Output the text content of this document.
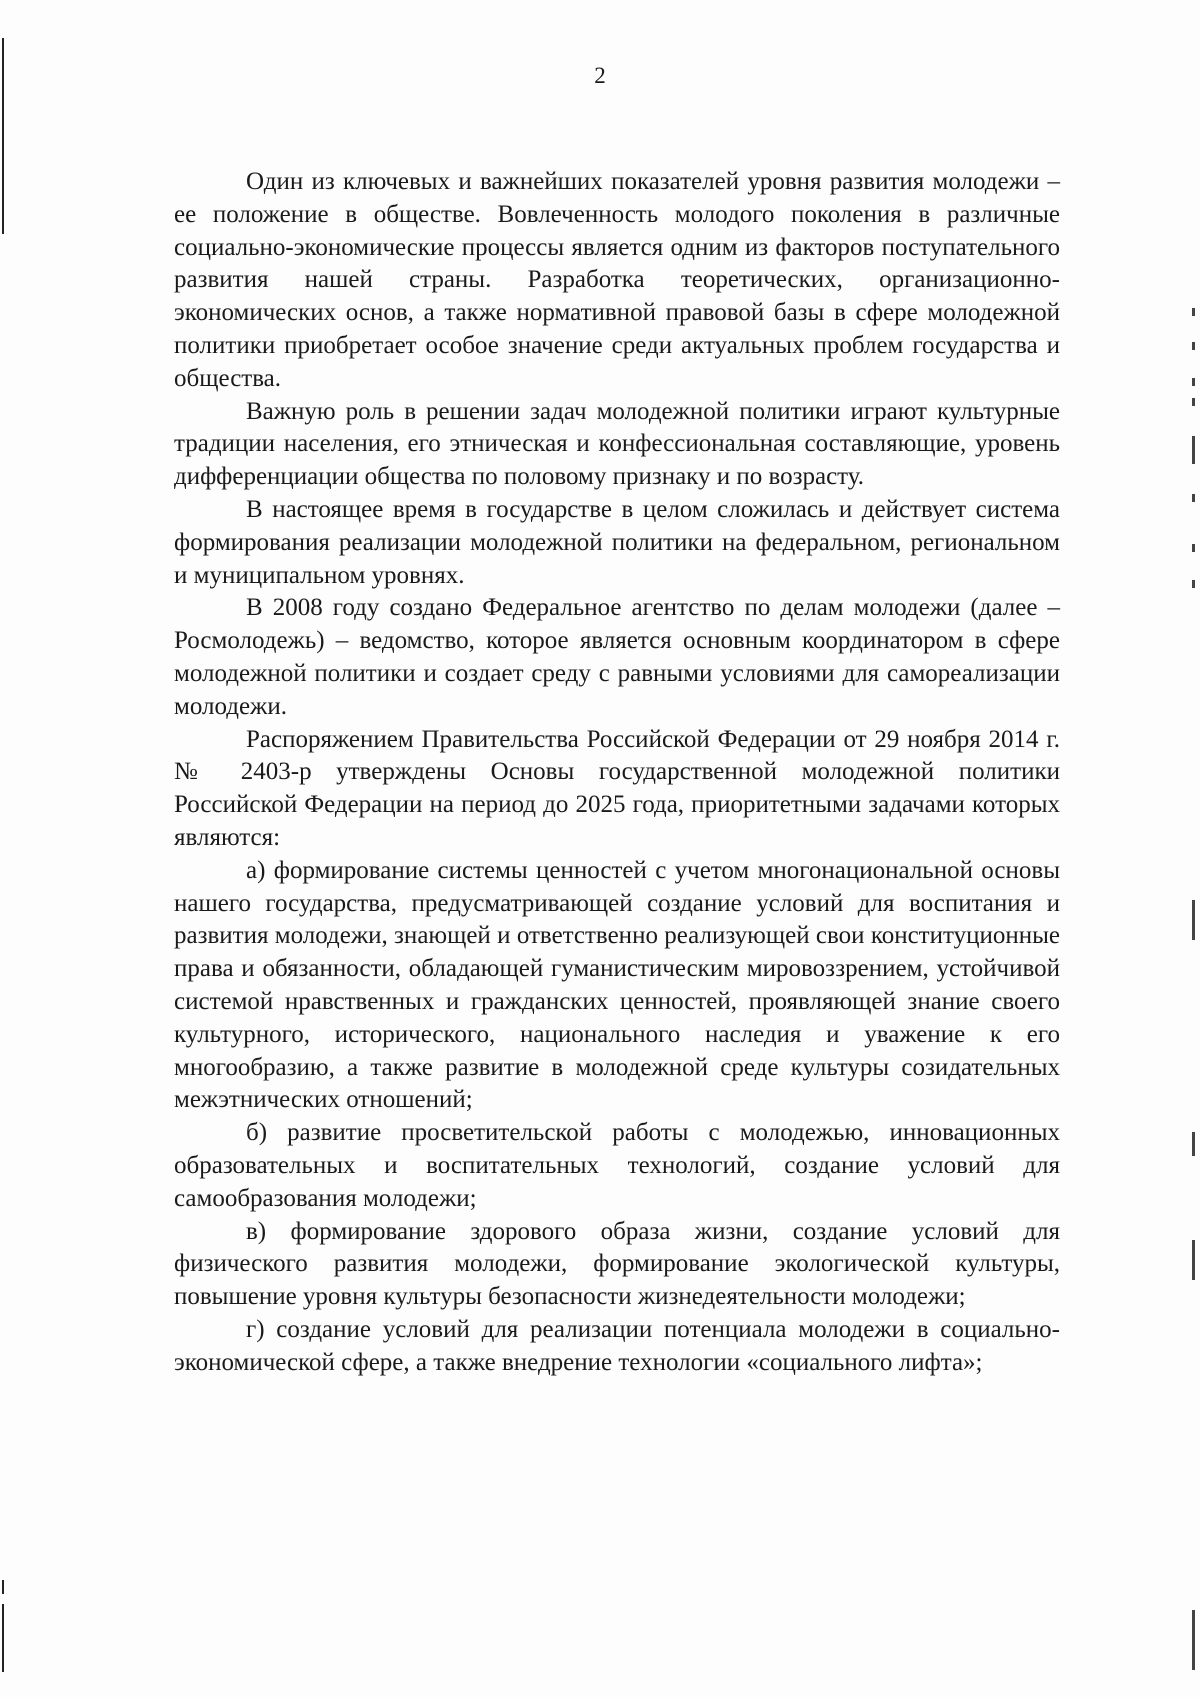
2

Один из ключевых и важнейших показателей уровня развития молодежи – ее положение в обществе. Вовлеченность молодого поколения в различные социально-экономические процессы является одним из факторов поступательного развития нашей страны. Разработка теоретических, организационно-экономических основ, а также нормативной правовой базы в сфере молодежной политики приобретает особое значение среди актуальных проблем государства и общества.

Важную роль в решении задач молодежной политики играют культурные традиции населения, его этническая и конфессиональная составляющие, уровень дифференциации общества по половому признаку и по возрасту.

В настоящее время в государстве в целом сложилась и действует система формирования реализации молодежной политики на федеральном, региональном и муниципальном уровнях.

В 2008 году создано Федеральное агентство по делам молодежи (далее – Росмолодежь) – ведомство, которое является основным координатором в сфере молодежной политики и создает среду с равными условиями для самореализации молодежи.

Распоряжением Правительства Российской Федерации от 29 ноября 2014 г. № 2403-р утверждены Основы государственной молодежной политики Российской Федерации на период до 2025 года, приоритетными задачами которых являются:

а) формирование системы ценностей с учетом многонациональной основы нашего государства, предусматривающей создание условий для воспитания и развития молодежи, знающей и ответственно реализующей свои конституционные права и обязанности, обладающей гуманистическим мировоззрением, устойчивой системой нравственных и гражданских ценностей, проявляющей знание своего культурного, исторического, национального наследия и уважение к его многообразию, а также развитие в молодежной среде культуры созидательных межэтнических отношений;

б) развитие просветительской работы с молодежью, инновационных образовательных и воспитательных технологий, создание условий для самообразования молодежи;

в) формирование здорового образа жизни, создание условий для физического развития молодежи, формирование экологической культуры, повышение уровня культуры безопасности жизнедеятельности молодежи;

г) создание условий для реализации потенциала молодежи в социально-экономической сфере, а также внедрение технологии «социального лифта»;
